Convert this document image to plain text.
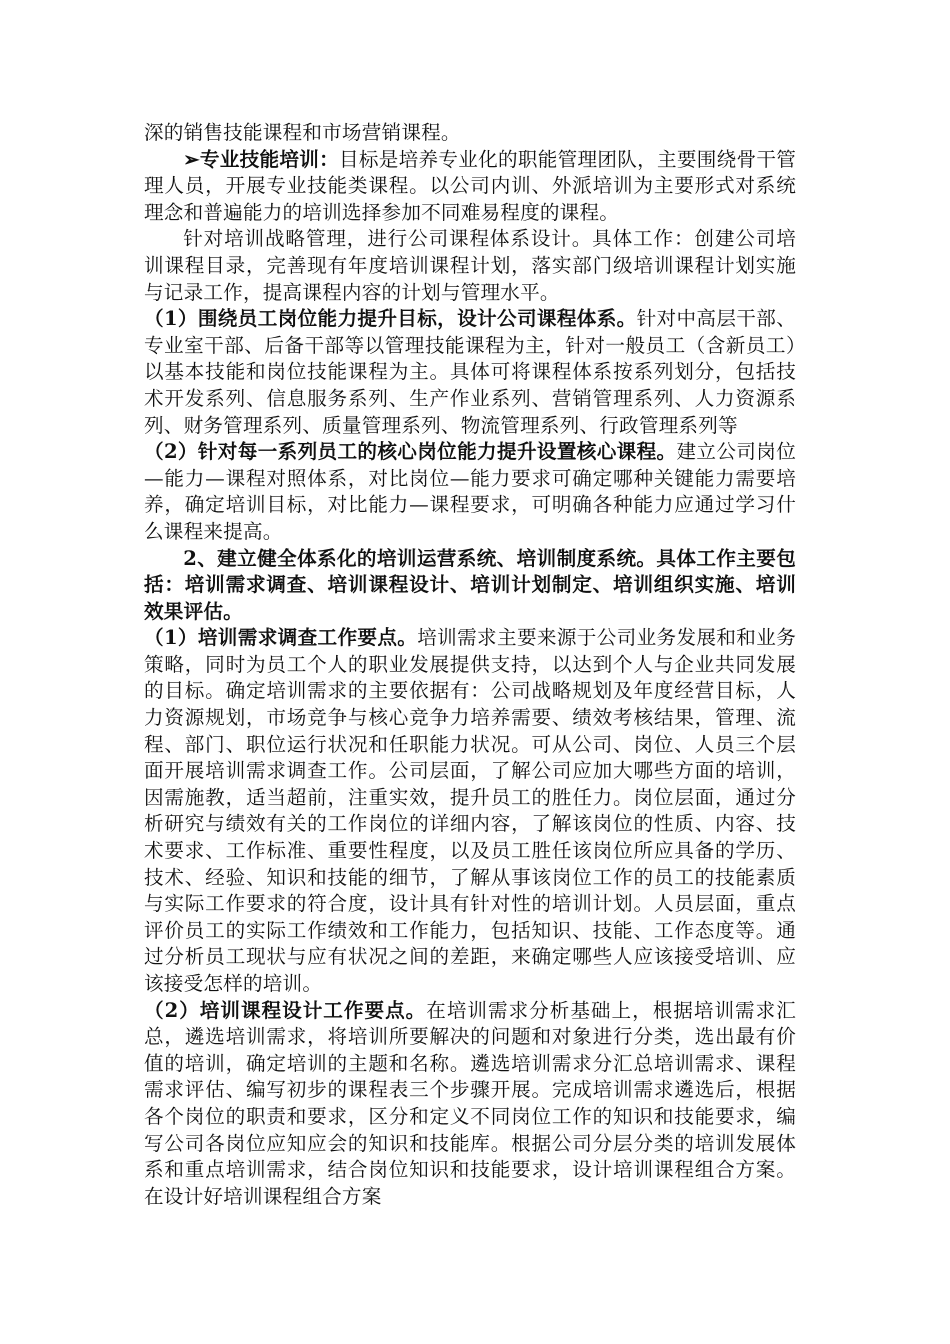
深的销售技能课程和市场营销课程。

➢专业技能培训：目标是培养专业化的职能管理团队，主要围绕骨干管理人员，开展专业技能类课程。以公司内训、外派培训为主要形式对系统理念和普遍能力的培训选择参加不同难易程度的课程。

针对培训战略管理，进行公司课程体系设计。具体工作：创建公司培训课程目录，完善现有年度培训课程计划，落实部门级培训课程计划实施与记录工作，提高课程内容的计划与管理水平。

（1）围绕员工岗位能力提升目标，设计公司课程体系。针对中高层干部、专业室干部、后备干部等以管理技能课程为主，针对一般员工（含新员工）以基本技能和岗位技能课程为主。具体可将课程体系按系列划分，包括技术开发系列、信息服务系列、生产作业系列、营销管理系列、人力资源系列、财务管理系列、质量管理系列、物流管理系列、行政管理系列等

（2）针对每一系列员工的核心岗位能力提升设置核心课程。建立公司岗位—能力—课程对照体系，对比岗位—能力要求可确定哪种关键能力需要培养，确定培训目标，对比能力—课程要求，可明确各种能力应通过学习什么课程来提高。

2、建立健全体系化的培训运营系统、培训制度系统。具体工作主要包括：培训需求调查、培训课程设计、培训计划制定、培训组织实施、培训效果评估。

（1）培训需求调查工作要点。培训需求主要来源于公司业务发展和和业务策略，同时为员工个人的职业发展提供支持，以达到个人与企业共同发展的目标。确定培训需求的主要依据有：公司战略规划及年度经营目标，人力资源规划，市场竞争与核心竞争力培养需要、绩效考核结果，管理、流程、部门、职位运行状况和任职能力状况。可从公司、岗位、人员三个层面开展培训需求调查工作。公司层面，了解公司应加大哪些方面的培训，因需施教，适当超前，注重实效，提升员工的胜任力。岗位层面，通过分析研究与绩效有关的工作岗位的详细内容，了解该岗位的性质、内容、技术要求、工作标准、重要性程度，以及员工胜任该岗位所应具备的学历、技术、经验、知识和技能的细节，了解从事该岗位工作的员工的技能素质与实际工作要求的符合度，设计具有针对性的培训计划。人员层面，重点评价员工的实际工作绩效和工作能力，包括知识、技能、工作态度等。通过分析员工现状与应有状况之间的差距，来确定哪些人应该接受培训、应该接受怎样的培训。

（2）培训课程设计工作要点。在培训需求分析基础上，根据培训需求汇总，遴选培训需求，将培训所要解决的问题和对象进行分类，选出最有价值的培训，确定培训的主题和名称。遴选培训需求分汇总培训需求、课程需求评估、编写初步的课程表三个步骤开展。完成培训需求遴选后，根据各个岗位的职责和要求，区分和定义不同岗位工作的知识和技能要求，编写公司各岗位应知应会的知识和技能库。根据公司分层分类的培训发展体系和重点培训需求，结合岗位知识和技能要求，设计培训课程组合方案。在设计好培训课程组合方案
